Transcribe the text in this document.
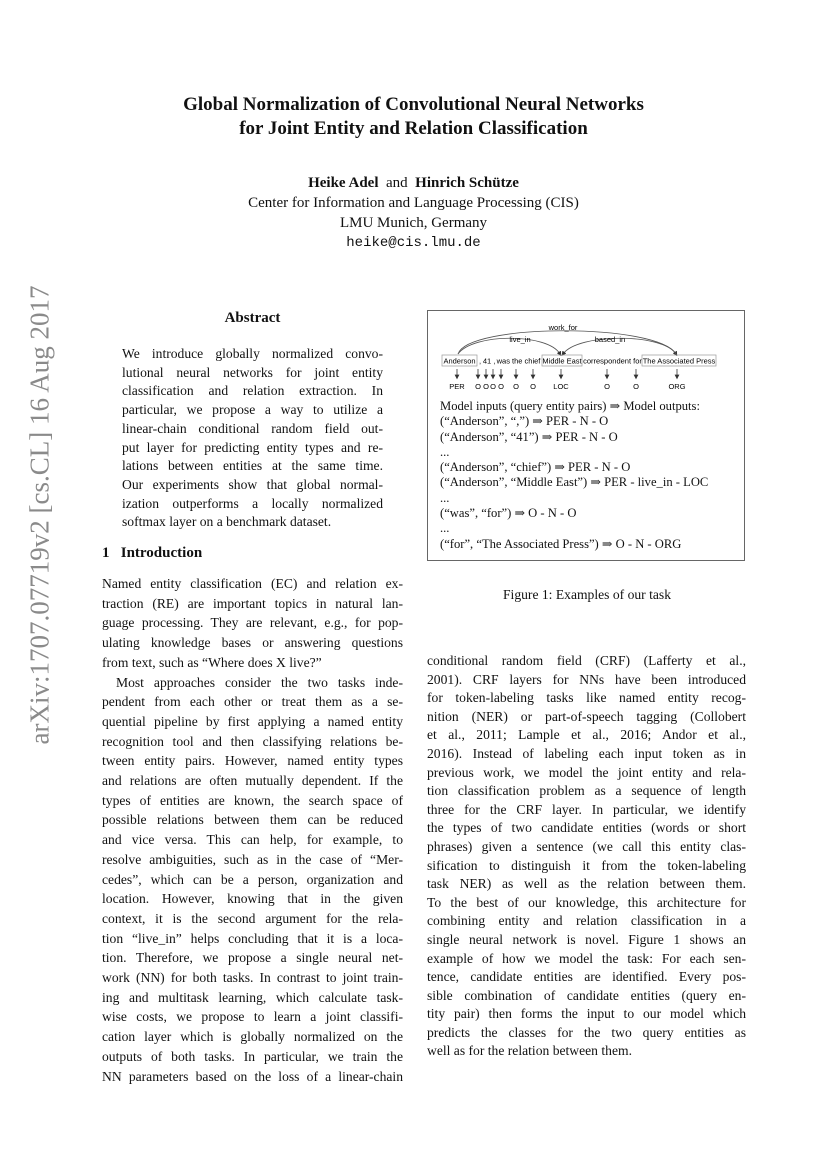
arXiv:1707.07719v2 [cs.CL] 16 Aug 2017
Global Normalization of Convolutional Neural Networks
for Joint Entity and Relation Classification
Heike Adel and Hinrich Schütze
Center for Information and Language Processing (CIS)
LMU Munich, Germany
heike@cis.lmu.de
Abstract
We introduce globally normalized convo-
lutional neural networks for joint entity
classification and relation extraction. In
particular, we propose a way to utilize a
linear-chain conditional random field out-
put layer for predicting entity types and re-
lations between entities at the same time.
Our experiments show that global normal-
ization outperforms a locally normalized
softmax layer on a benchmark dataset.
1 Introduction
Named entity classification (EC) and relation ex-
traction (RE) are important topics in natural lan-
guage processing. They are relevant, e.g., for pop-
ulating knowledge bases or answering questions
from text, such as “Where does X live?”
Most approaches consider the two tasks inde-
pendent from each other or treat them as a se-
quential pipeline by first applying a named entity
recognition tool and then classifying relations be-
tween entity pairs. However, named entity types
and relations are often mutually dependent. If the
types of entities are known, the search space of
possible relations between them can be reduced
and vice versa. This can help, for example, to
resolve ambiguities, such as in the case of “Mer-
cedes”, which can be a person, organization and
location. However, knowing that in the given
context, it is the second argument for the rela-
tion “live_in” helps concluding that it is a loca-
tion. Therefore, we propose a single neural net-
work (NN) for both tasks. In contrast to joint train-
ing and multitask learning, which calculate task-
wise costs, we propose to learn a joint classifi-
cation layer which is globally normalized on the
outputs of both tasks. In particular, we train the
NN parameters based on the loss of a linear-chain
conditional random field (CRF) (Lafferty et al.,
2001). CRF layers for NNs have been introduced
for token-labeling tasks like named entity recog-
nition (NER) or part-of-speech tagging (Collobert
et al., 2011; Lample et al., 2016; Andor et al.,
2016). Instead of labeling each input token as in
previous work, we model the joint entity and rela-
tion classification problem as a sequence of length
three for the CRF layer. In particular, we identify
the types of two candidate entities (words or short
phrases) given a sentence (we call this entity clas-
sification to distinguish it from the token-labeling
task NER) as well as the relation between them.
To the best of our knowledge, this architecture for
combining entity and relation classification in a
single neural network is novel. Figure 1 shows an
example of how we model the task: For each sen-
tence, candidate entities are identified. Every pos-
sible combination of candidate entities (query en-
tity pair) then forms the input to our model which
predicts the classes for the two query entities as
well as for the relation between them.
work_for
live_in	based_in
Anderson , 41 , was the chief Middle East correspondent for The Associated Press
PER O O O O O O LOC	O	O	ORG
Model inputs (query entity pairs) ⇒ Model outputs:
(“Anderson”, “,”) ⇒ PER - N - O
(“Anderson”, “41”) ⇒ PER - N - O
...
(“Anderson”, “chief”) ⇒ PER - N - O
(“Anderson”, “Middle East”) ⇒ PER - live_in - LOC
...
(“was”, “for”) ⇒ O - N - O
...
(“for”, “The Associated Press”) ⇒ O - N - ORG
Figure 1: Examples of our task
